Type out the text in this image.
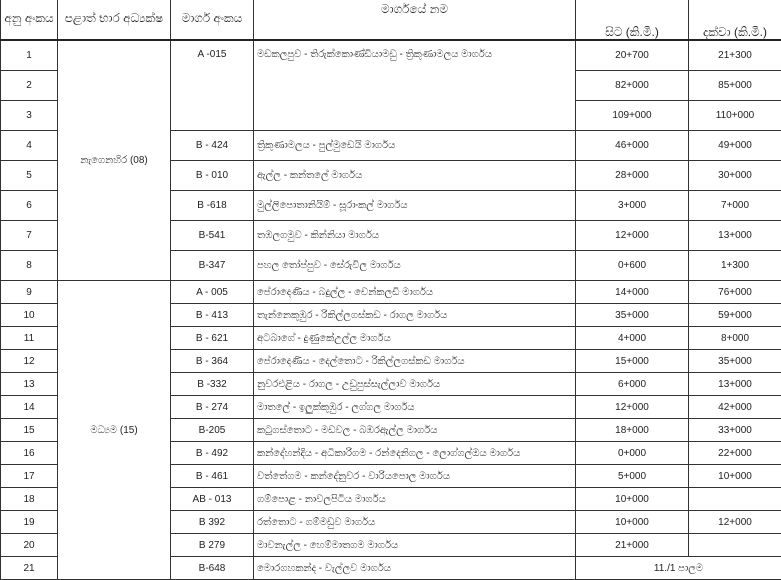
අනු අංකය	පළාත් භාර අධ්‍යක්ෂ	මාර්ග අංකය	මාර්ගයේ නම	සිට (කි.මී.)	දක්වා (කි.මී.)
1	නැගෙනහිර (08)	A -015	මඩකලපුව - තිරුක්කොණ්ඩියාමඩු - ත්‍රිකුණාමලය මාර්ගය	20+700	21+300
2				82+000	85+000
3				109+000	110+000
4		B - 424	ත්‍රිකුණාමලය - පුල්මුඩෙයි මාර්ගය	46+000	49+000
5		B - 010	ඇල්ල - කන්තලේ මාර්ගය	28+000	30+000
6		B -618	මුල්ලිපොතානියිම් - සූරාංකල් මාර්ගය	3+000	7+000
7		B-541	තඹලගමුව - කින්නියා මාර්ගය	12+000	13+000
8		B-347	පහල තෝප්පුව - සේරුවිල මාර්ගය	0+600	1+300
9	මධ්‍යම (15)	A - 005	පේරාදෙණිය - බදුල්ල - චෙන්කලඩි මාර්ගය	14+000	76+000
10		B - 413	තැන්නෙකුඹුර - රිකිල්ලගස්කඩ - රාගල මාර්ගය	35+000	59+000
11		B - 621	අටබාගේ - දුණුකේඋල්ල මාර්ගය	4+000	8+000
12		B - 364	පේරාදෙණිය - දෙල්තොට - රිකිල්ලගස්කඩ මාර්ගය	15+000	35+000
13		B -332	නුවරඑළිය - රාගල - උඩුපුස්සැල්ලාව මාර්ගය	6+000	13+000
14		B - 274	මාතලේ - ඉලුක්කුඹුර - ලග්ගල මාර්ගය	12+000	42+000
15		B-205	කටුගස්තොට - මඩවල - බඹරඇල්ල මාර්ගය	18+000	33+000
16		B - 492	කන්දේහන්දිය - අධිකාරිගම - රන්දෙනිගල - ලොග්ගල්ඔය මාර්ගය	0+000	22+000
17		B - 461	වත්තේගම - කන්දේනුවර - වාරියපොල මාර්ගය	5+000	10+000
18		AB - 013	ගම්පොළ - නාවලපිටිය මාර්ගය	10+000	
19		B 392	රත්තොට - ගම්මඩුව මාර්ගය	10+000	12+000
20		B 279	මාවනැල්ල - හෙම්මාතගම මාර්ගය	21+000	
21		B-648	මොරගහකන්ද - වැල්ලව මාර්ගය	11./1 පාලම	
